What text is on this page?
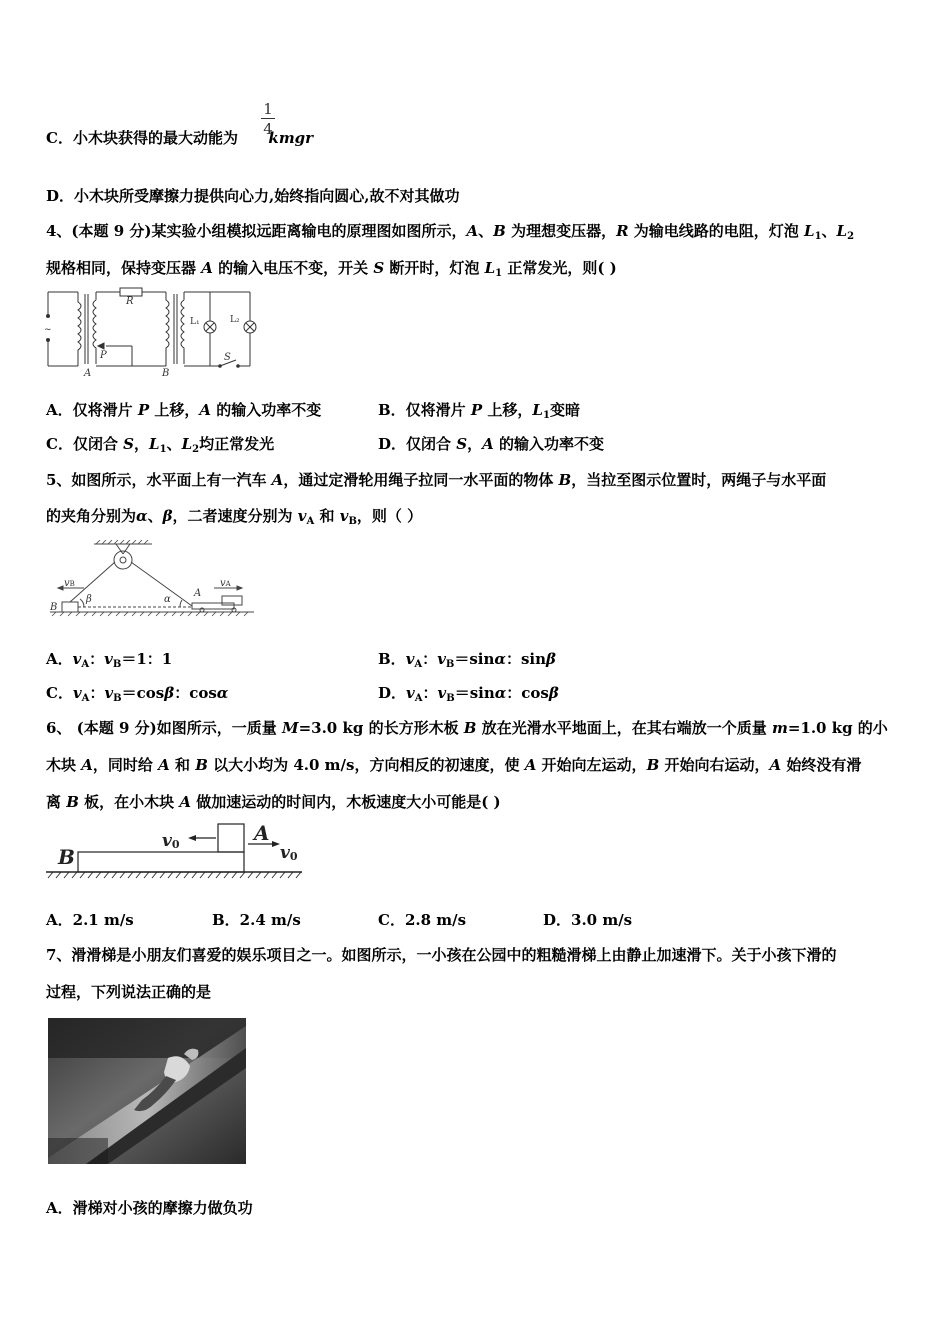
C．小木块获得的最大动能为 kmgr
$\frac{1}{4}$
D．小木块所受摩擦力提供向心力,始终指向圆心,故不对其做功
4、(本题 9 分)某实验小组模拟远距离输电的原理图如图所示，A、B 为理想变压器，R 为输电线路的电阻，灯泡 $L_1$、$L_2$
规格相同，保持变压器 A 的输入电压不变，开关 S 断开时，灯泡 $L_1$ 正常发光，则( )
R
P
A	B
S
L₁	L₂
~
A．仅将滑片 P 上移，A 的输入功率不变	B．仅将滑片 P 上移，$L_1$变暗
C．仅闭合 S，$L_1$、$L_2$均正常发光	D．仅闭合 S，A 的输入功率不变
5、如图所示，水平面上有一汽车 A，通过定滑轮用绳子拉同一水平面的物体 B，当拉至图示位置时，两绳子与水平面
的夹角分别为α、β，二者速度分别为 $v_A$ 和 $v_B$，则（ ）
vB
β	α
A
vA
B
A．$v_A$：$v_B=1$：1	B．$v_A$：$v_B=\sin\alpha$：sinβ
C．$v_A$：$v_B=\cos\beta$：cosα	D．$v_A$：$v_B=\sin\alpha$：cosβ
6、 (本题 9 分)如图所示，一质量 M=3.0 kg 的长方形木板 B 放在光滑水平地面上，在其右端放一个质量 m=1.0 kg 的小
木块 A，同时给 A 和 B 以大小均为 4.0 m/s，方向相反的初速度，使 A 开始向左运动，B 开始向右运动，A 始终没有滑
离 B 板，在小木块 A 做加速运动的时间内，木板速度大小可能是( )
B
A
v0	v0
A．2.1 m/s	B．2.4 m/s	C．2.8 m/s	D．3.0 m/s
7、滑滑梯是小朋友们喜爱的娱乐项目之一。如图所示，一小孩在公园中的粗糙滑梯上由静止加速滑下。关于小孩下滑的
过程，下列说法正确的是
A．滑梯对小孩的摩擦力做负功
